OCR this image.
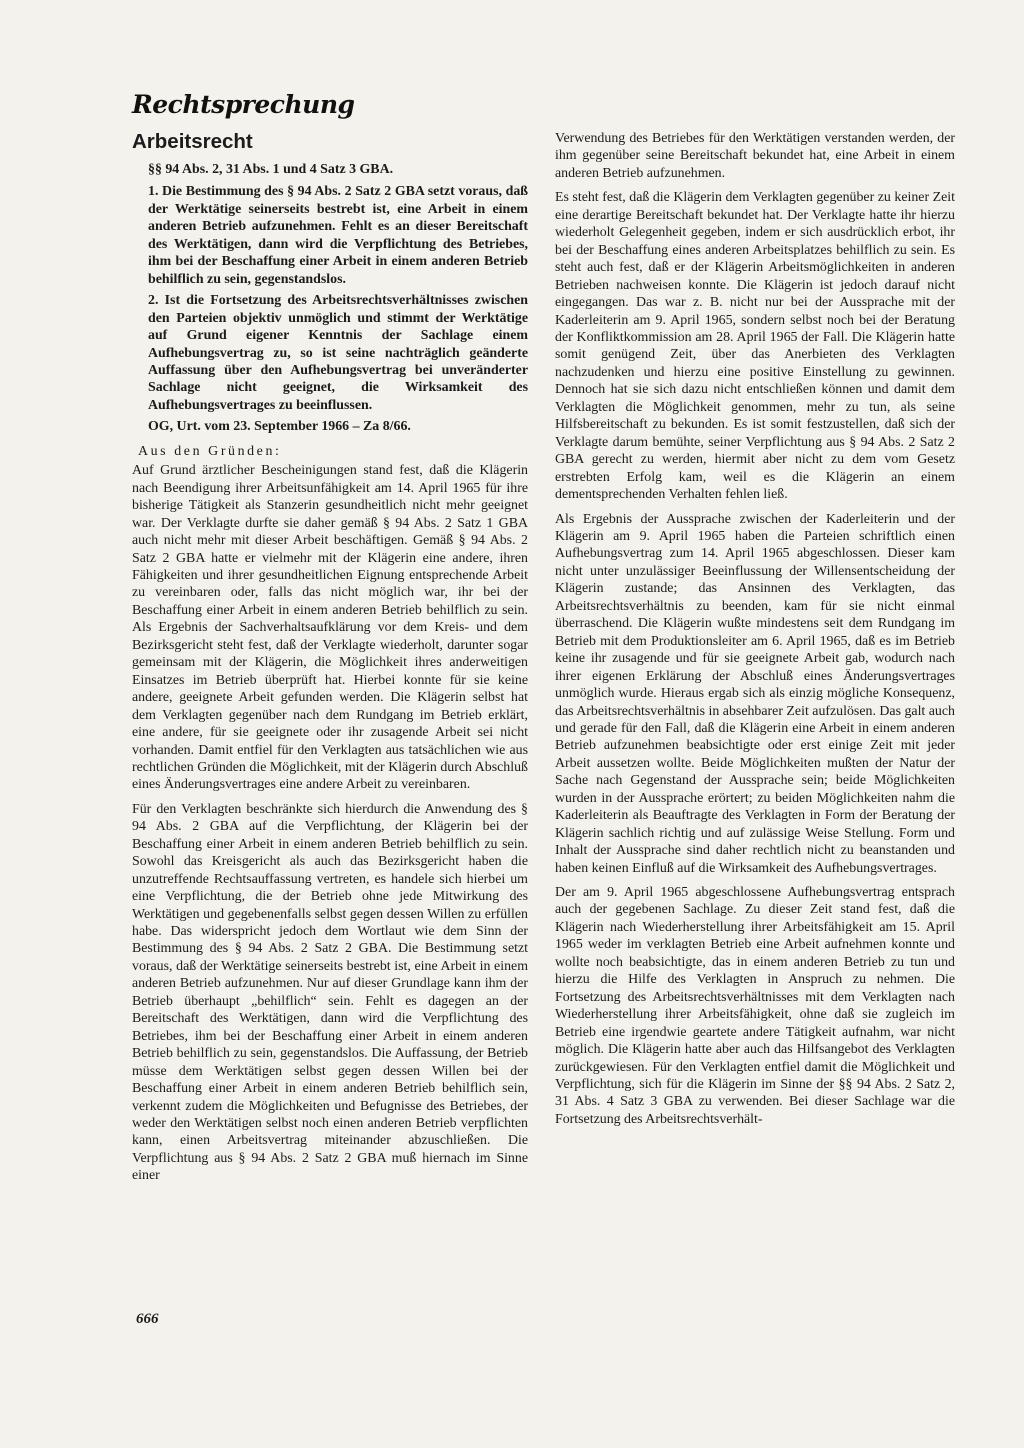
Rechtsprechung
Arbeitsrecht
§§ 94 Abs. 2, 31 Abs. 1 und 4 Satz 3 GBA.
1. Die Bestimmung des § 94 Abs. 2 Satz 2 GBA setzt voraus, daß der Werktätige seinerseits bestrebt ist, eine Arbeit in einem anderen Betrieb aufzunehmen. Fehlt es an dieser Bereitschaft des Werktätigen, dann wird die Verpflichtung des Betriebes, ihm bei der Beschaffung einer Arbeit in einem anderen Betrieb behilflich zu sein, gegenstandslos.
2. Ist die Fortsetzung des Arbeitsrechtsverhältnisses zwischen den Parteien objektiv unmöglich und stimmt der Werktätige auf Grund eigener Kenntnis der Sachlage einem Aufhebungsvertrag zu, so ist seine nachträglich geänderte Auffassung über den Aufhebungsvertrag bei unveränderter Sachlage nicht geeignet, die Wirksamkeit des Aufhebungsvertrages zu beeinflussen.
OG, Urt. vom 23. September 1966 – Za 8/66.
Aus den Gründen:

Auf Grund ärztlicher Bescheinigungen stand fest, daß die Klägerin nach Beendigung ihrer Arbeitsunfähigkeit am 14. April 1965 für ihre bisherige Tätigkeit als Stanzerin gesundheitlich nicht mehr geeignet war. Der Verklagte durfte sie daher gemäß § 94 Abs. 2 Satz 1 GBA auch nicht mehr mit dieser Arbeit beschäftigen. Gemäß § 94 Abs. 2 Satz 2 GBA hatte er vielmehr mit der Klägerin eine andere, ihren Fähigkeiten und ihrer gesundheitlichen Eignung entsprechende Arbeit zu vereinbaren oder, falls das nicht möglich war, ihr bei der Beschaffung einer Arbeit in einem anderen Betrieb behilflich zu sein. Als Ergebnis der Sachverhaltsaufklärung vor dem Kreis- und dem Bezirksgericht steht fest, daß der Verklagte wiederholt, darunter sogar gemeinsam mit der Klägerin, die Möglichkeit ihres anderweitigen Einsatzes im Betrieb überprüft hat. Hierbei konnte für sie keine andere, geeignete Arbeit gefunden werden. Die Klägerin selbst hat dem Verklagten gegenüber nach dem Rundgang im Betrieb erklärt, eine andere, für sie geeignete oder ihr zusagende Arbeit sei nicht vorhanden. Damit entfiel für den Verklagten aus tatsächlichen wie aus rechtlichen Gründen die Möglichkeit, mit der Klägerin durch Abschluß eines Änderungsvertrages eine andere Arbeit zu vereinbaren.

Für den Verklagten beschränkte sich hierdurch die Anwendung des § 94 Abs. 2 GBA auf die Verpflichtung, der Klägerin bei der Beschaffung einer Arbeit in einem anderen Betrieb behilflich zu sein. Sowohl das Kreisgericht als auch das Bezirksgericht haben die unzutreffende Rechtsauffassung vertreten, es handele sich hierbei um eine Verpflichtung, die der Betrieb ohne jede Mitwirkung des Werktätigen und gegebenenfalls selbst gegen dessen Willen zu erfüllen habe. Das widerspricht jedoch dem Wortlaut wie dem Sinn der Bestimmung des § 94 Abs. 2 Satz 2 GBA. Die Bestimmung setzt voraus, daß der Werktätige seinerseits bestrebt ist, eine Arbeit in einem anderen Betrieb aufzunehmen. Nur auf dieser Grundlage kann ihm der Betrieb überhaupt „behilflich“ sein. Fehlt es dagegen an der Bereitschaft des Werktätigen, dann wird die Verpflichtung des Betriebes, ihm bei der Beschaffung einer Arbeit in einem anderen Betrieb behilflich zu sein, gegenstandslos. Die Auffassung, der Betrieb müsse dem Werktätigen selbst gegen dessen Willen bei der Beschaffung einer Arbeit in einem anderen Betrieb behilflich sein, verkennt zudem die Möglichkeiten und Befugnisse des Betriebes, der weder den Werktätigen selbst noch einen anderen Betrieb verpflichten kann, einen Arbeitsvertrag miteinander abzuschließen. Die Verpflichtung aus § 94 Abs. 2 Satz 2 GBA muß hiernach im Sinne einer

Verwendung des Betriebes für den Werktätigen verstanden werden, der ihm gegenüber seine Bereitschaft bekundet hat, eine Arbeit in einem anderen Betrieb aufzunehmen.

Es steht fest, daß die Klägerin dem Verklagten gegenüber zu keiner Zeit eine derartige Bereitschaft bekundet hat. Der Verklagte hatte ihr hierzu wiederholt Gelegenheit gegeben, indem er sich ausdrücklich erbot, ihr bei der Beschaffung eines anderen Arbeitsplatzes behilflich zu sein. Es steht auch fest, daß er der Klägerin Arbeitsmöglichkeiten in anderen Betrieben nachweisen konnte. Die Klägerin ist jedoch darauf nicht eingegangen. Das war z. B. nicht nur bei der Aussprache mit der Kaderleiterin am 9. April 1965, sondern selbst noch bei der Beratung der Konfliktkommission am 28. April 1965 der Fall. Die Klägerin hatte somit genügend Zeit, über das Anerbieten des Verklagten nachzudenken und hierzu eine positive Einstellung zu gewinnen. Dennoch hat sie sich dazu nicht entschließen können und damit dem Verklagten die Möglichkeit genommen, mehr zu tun, als seine Hilfsbereitschaft zu bekunden. Es ist somit festzustellen, daß sich der Verklagte darum bemühte, seiner Verpflichtung aus § 94 Abs. 2 Satz 2 GBA gerecht zu werden, hiermit aber nicht zu dem vom Gesetz erstrebten Erfolg kam, weil es die Klägerin an einem dementsprechenden Verhalten fehlen ließ.

Als Ergebnis der Aussprache zwischen der Kaderleiterin und der Klägerin am 9. April 1965 haben die Parteien schriftlich einen Aufhebungsvertrag zum 14. April 1965 abgeschlossen. Dieser kam nicht unter unzulässiger Beeinflussung der Willensentscheidung der Klägerin zustande; das Ansinnen des Verklagten, das Arbeitsrechtsverhältnis zu beenden, kam für sie nicht einmal überraschend. Die Klägerin wußte mindestens seit dem Rundgang im Betrieb mit dem Produktionsleiter am 6. April 1965, daß es im Betrieb keine ihr zusagende und für sie geeignete Arbeit gab, wodurch nach ihrer eigenen Erklärung der Abschluß eines Änderungsvertrages unmöglich wurde. Hieraus ergab sich als einzig mögliche Konsequenz, das Arbeitsrechtsverhältnis in absehbarer Zeit aufzulösen. Das galt auch und gerade für den Fall, daß die Klägerin eine Arbeit in einem anderen Betrieb aufzunehmen beabsichtigte oder erst einige Zeit mit jeder Arbeit aussetzen wollte. Beide Möglichkeiten mußten der Natur der Sache nach Gegenstand der Aussprache sein; beide Möglichkeiten wurden in der Aussprache erörtert; zu beiden Möglichkeiten nahm die Kaderleiterin als Beauftragte des Verklagten in Form der Beratung der Klägerin sachlich richtig und auf zulässige Weise Stellung. Form und Inhalt der Aussprache sind daher rechtlich nicht zu beanstanden und haben keinen Einfluß auf die Wirksamkeit des Aufhebungsvertrages.

Der am 9. April 1965 abgeschlossene Aufhebungsvertrag entsprach auch der gegebenen Sachlage. Zu dieser Zeit stand fest, daß die Klägerin nach Wiederherstellung ihrer Arbeitsfähigkeit am 15. April 1965 weder im verklagten Betrieb eine Arbeit aufnehmen konnte und wollte noch beabsichtigte, das in einem anderen Betrieb zu tun und hierzu die Hilfe des Verklagten in Anspruch zu nehmen. Die Fortsetzung des Arbeitsrechtsverhältnisses mit dem Verklagten nach Wiederherstellung ihrer Arbeitsfähigkeit, ohne daß sie zugleich im Betrieb eine irgendwie geartete andere Tätigkeit aufnahm, war nicht möglich. Die Klägerin hatte aber auch das Hilfsangebot des Verklagten zurückgewiesen. Für den Verklagten entfiel damit die Möglichkeit und Verpflichtung, sich für die Klägerin im Sinne der §§ 94 Abs. 2 Satz 2, 31 Abs. 4 Satz 3 GBA zu verwenden. Bei dieser Sachlage war die Fortsetzung des Arbeitsrechtsverhält-

666
